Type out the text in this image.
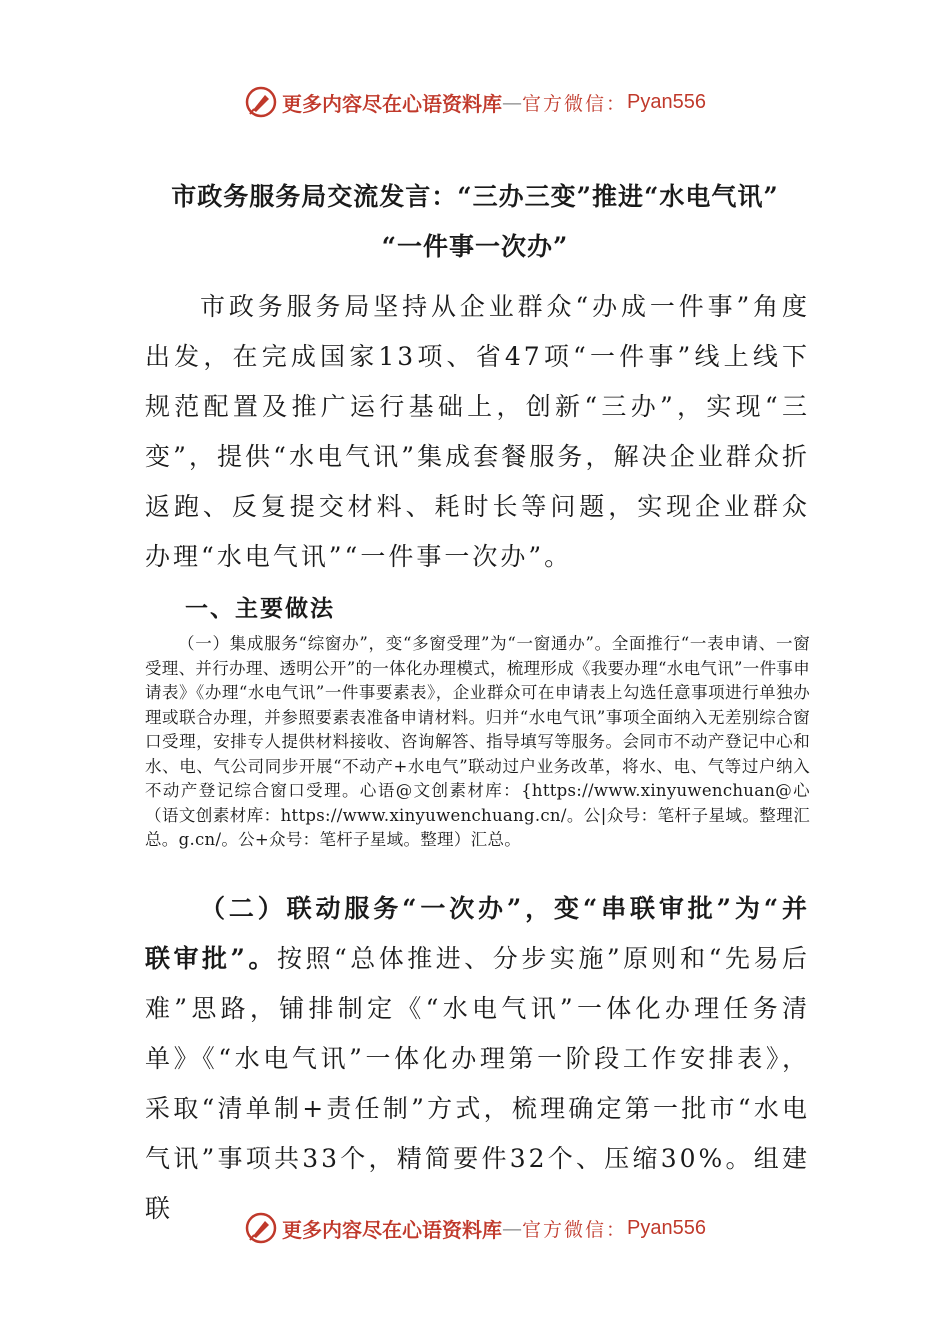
更多内容尽在心语资料库 — 官方微信： Pyan556
市政务服务局交流发言：“三办三变”推进“水电气讯”
“一件事一次办”
市政务服务局坚持从企业群众“办成一件事”角度出发，在完成国家13项、省47项“一件事”线上线下规范配置及推广运行基础上，创新“三办”，实现“三变”，提供“水电气讯”集成套餐服务，解决企业群众折返跑、反复提交材料、耗时长等问题，实现企业群众办理“水电气讯”“一件事一次办”。
一、主要做法
（一）集成服务“综窗办”，变“多窗受理”为“一窗通办”。全面推行“一表申请、一窗受理、并行办理、透明公开”的一体化办理模式，梳理形成《我要办理“水电气讯”一件事申请表》《办理“水电气讯”一件事要素表》，企业群众可在申请表上勾选任意事项进行单独办理或联合办理，并参照要素表准备申请材料。归并“水电气讯”事项全面纳入无差别综合窗口受理，安排专人提供材料接收、咨询解答、指导填写等服务。会同市不动产登记中心和水、电、气公司同步开展“不动产+水电气”联动过户业务改革，将水、电、气等过户纳入不动产登记综合窗口受理。心语@文创素材库：{https://www.xinyuwenchuan@心（语文创素材库：https://www.xinyuwenchuang.cn/。公|众号：笔杆子星域。整理汇总。g.cn/。公+众号：笔杆子星域。整理）汇总。
（二）联动服务“一次办”，变“串联审批”为“并联审批”。按照“总体推进、分步实施”原则和“先易后难”思路，铺排制定《“水电气讯”一体化办理任务清单》《“水电气讯”一体化办理第一阶段工作安排表》，采取“清单制+责任制”方式，梳理确定第一批市“水电气讯”事项共33个，精简要件32个、压缩30%。组建联
更多内容尽在心语资料库 — 官方微信： Pyan556
